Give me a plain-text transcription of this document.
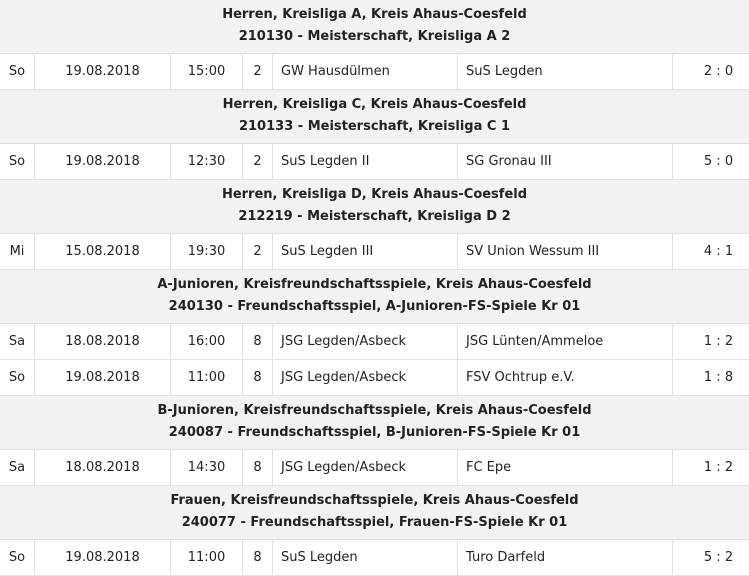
Herren, Kreisliga A, Kreis Ahaus-Coesfeld
210130 - Meisterschaft, Kreisliga A 2
So	19.08.2018	15:00	2	GW Hausdülmen	SuS Legden	2 : 0
Herren, Kreisliga C, Kreis Ahaus-Coesfeld
210133 - Meisterschaft, Kreisliga C 1
So	19.08.2018	12:30	2	SuS Legden II	SG Gronau III	5 : 0
Herren, Kreisliga D, Kreis Ahaus-Coesfeld
212219 - Meisterschaft, Kreisliga D 2
Mi	15.08.2018	19:30	2	SuS Legden III	SV Union Wessum III	4 : 1
A-Junioren, Kreisfreundschaftsspiele, Kreis Ahaus-Coesfeld
240130 - Freundschaftsspiel, A-Junioren-FS-Spiele Kr 01
Sa	18.08.2018	16:00	8	JSG Legden/Asbeck	JSG Lünten/Ammeloe	1 : 2
So	19.08.2018	11:00	8	JSG Legden/Asbeck	FSV Ochtrup e.V.	1 : 8
B-Junioren, Kreisfreundschaftsspiele, Kreis Ahaus-Coesfeld
240087 - Freundschaftsspiel, B-Junioren-FS-Spiele Kr 01
Sa	18.08.2018	14:30	8	JSG Legden/Asbeck	FC Epe	1 : 2
Frauen, Kreisfreundschaftsspiele, Kreis Ahaus-Coesfeld
240077 - Freundschaftsspiel, Frauen-FS-Spiele Kr 01
So	19.08.2018	11:00	8	SuS Legden	Turo Darfeld	5 : 2
